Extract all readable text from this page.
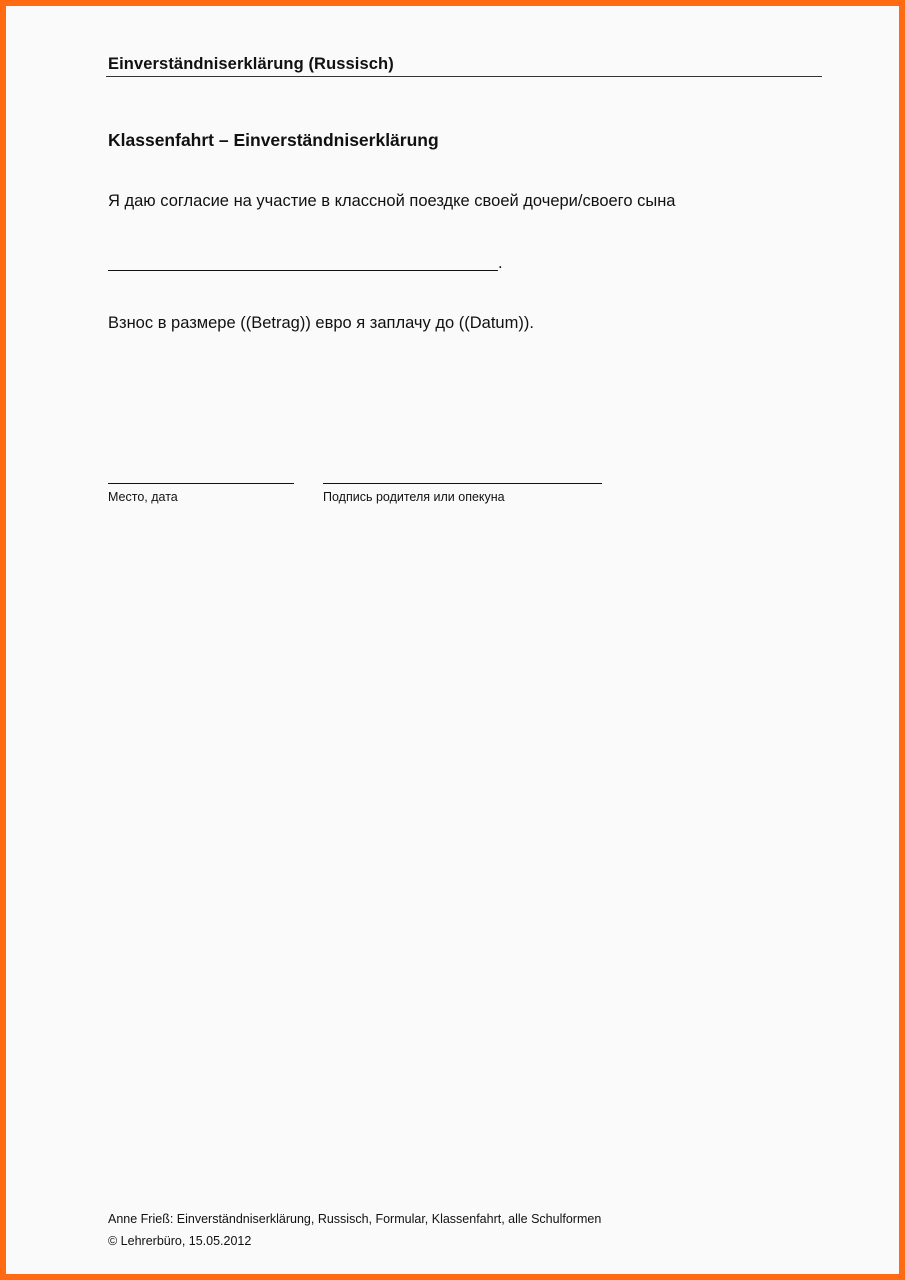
Einverständniserklärung (Russisch)
Klassenfahrt – Einverständniserklärung
Я даю согласие на участие в классной поездке своей дочери/своего сына
.
Взнос в размере ((Betrag)) евро я заплачу до ((Datum)).
Место, дата	Подпись родителя или опекуна
Anne Frieß: Einverständniserklärung, Russisch, Formular, Klassenfahrt, alle Schulformen
© Lehrerbüro, 15.05.2012
